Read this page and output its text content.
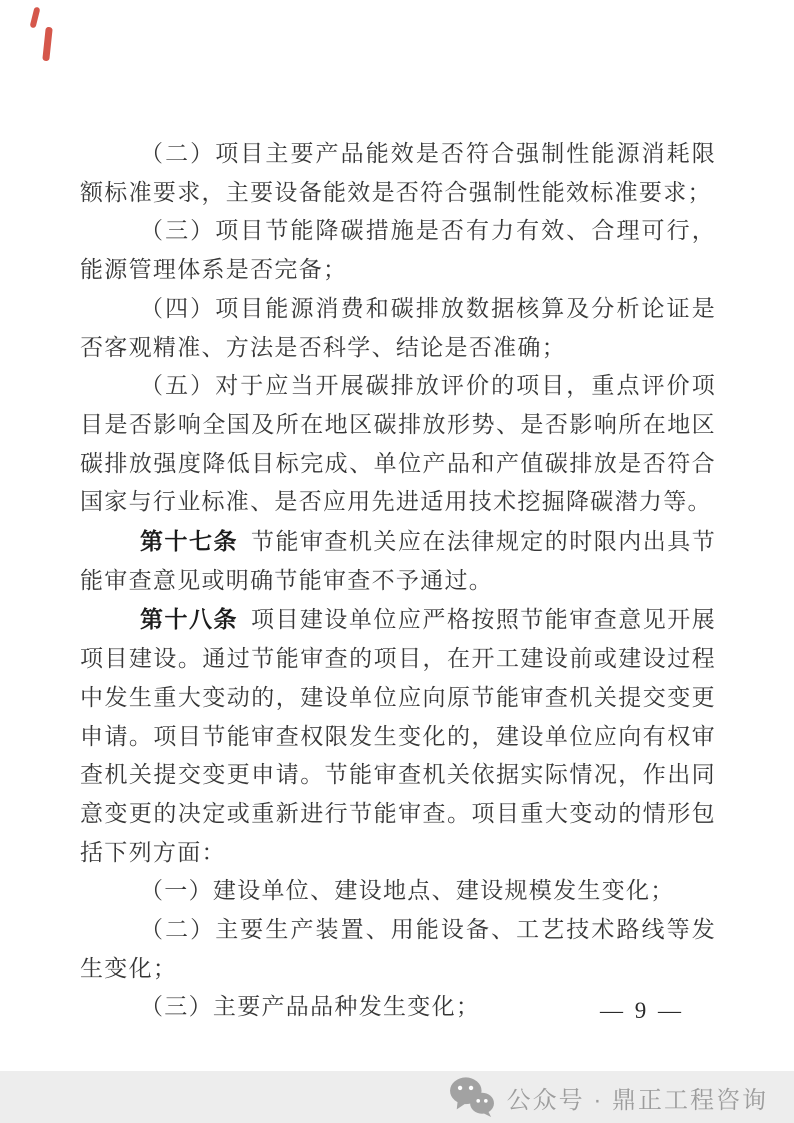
（二）项目主要产品能效是否符合强制性能源消耗限额标准要求，主要设备能效是否符合强制性能效标准要求；

（三）项目节能降碳措施是否有力有效、合理可行，能源管理体系是否完备；

（四）项目能源消费和碳排放数据核算及分析论证是否客观精准、方法是否科学、结论是否准确；

（五）对于应当开展碳排放评价的项目，重点评价项目是否影响全国及所在地区碳排放形势、是否影响所在地区碳排放强度降低目标完成、单位产品和产值碳排放是否符合国家与行业标准、是否应用先进适用技术挖掘降碳潜力等。

第十七条 节能审查机关应在法律规定的时限内出具节能审查意见或明确节能审查不予通过。

第十八条 项目建设单位应严格按照节能审查意见开展项目建设。通过节能审查的项目，在开工建设前或建设过程中发生重大变动的，建设单位应向原节能审查机关提交变更申请。项目节能审查权限发生变化的，建设单位应向有权审查机关提交变更申请。节能审查机关依据实际情况，作出同意变更的决定或重新进行节能审查。项目重大变动的情形包括下列方面：

（一）建设单位、建设地点、建设规模发生变化；

（二）主要生产装置、用能设备、工艺技术路线等发生变化；

（三）主要产品品种发生变化；	— 9 —
公众号 · 鼎正工程咨询
